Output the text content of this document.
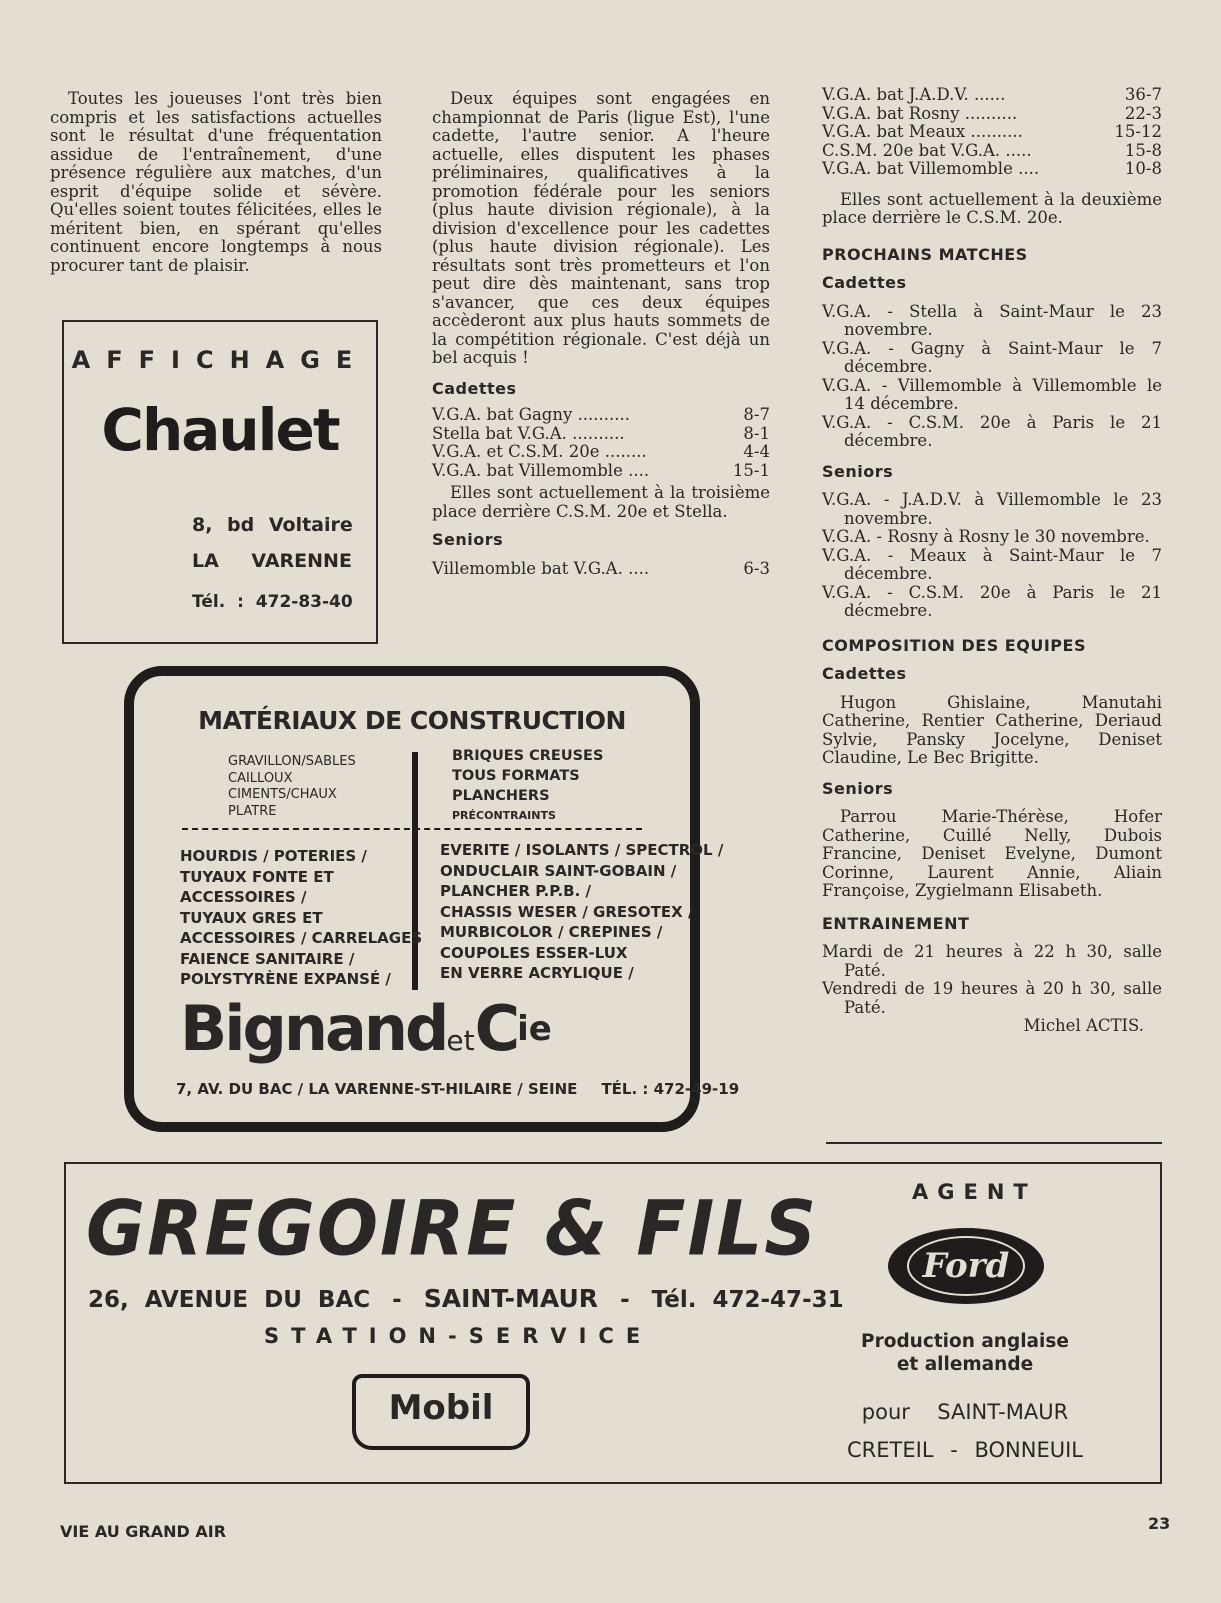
Toutes les joueuses l'ont très bien compris et les satisfactions actuelles sont le résultat d'une fréquentation assidue de l'entraînement, d'une présence régulière aux matches, d'un esprit d'équipe solide et sévère. Qu'elles soient toutes félicitées, elles le méritent bien, en spérant qu'elles continuent encore longtemps à nous procurer tant de plaisir.

AFFICHAGE
Chaulet
8, bd Voltaire
LA VARENNE
Tél. : 472-83-40

Deux équipes sont engagées en championnat de Paris (ligue Est), l'une cadette, l'autre senior. A l'heure actuelle, elles disputent les phases préliminaires, qualificatives à la promotion fédérale pour les seniors (plus haute division régionale), à la division d'excellence pour les cadettes (plus haute division régionale). Les résultats sont très prometteurs et l'on peut dire dès maintenant, sans trop s'avancer, que ces deux équipes accèderont aux plus hauts sommets de la compétition régionale. C'est déjà un bel acquis !

Cadettes

V.G.A. bat Gagny ..........	8-7
Stella bat V.G.A. ..........	8-1
V.G.A. et C.S.M. 20e ........	4-4
V.G.A. bat Villemomble ....	15-1

Elles sont actuellement à la troisième place derrière C.S.M. 20e et Stella.

Seniors

Villemomble bat V.G.A. ....	6-3
V.G.A. bat J.A.D.V. ......	36-7
V.G.A. bat Rosny ..........	22-3
V.G.A. bat Meaux ..........	15-12
C.S.M. 20e bat V.G.A. .....	15-8
V.G.A. bat Villemomble ....	10-8

Elles sont actuellement à la deuxième place derrière le C.S.M. 20e.

PROCHAINS MATCHES

Cadettes

V.G.A. - Stella à Saint-Maur le 23 novembre.

V.G.A. - Gagny à Saint-Maur le 7 décembre.

V.G.A. - Villemomble à Villemomble le 14 décembre.

V.G.A. - C.S.M. 20e à Paris le 21 décembre.

Seniors

V.G.A. - J.A.D.V. à Villemomble le 23 novembre.

V.G.A. - Rosny à Rosny le 30 novembre.

V.G.A. - Meaux à Saint-Maur le 7 décembre.

V.G.A. - C.S.M. 20e à Paris le 21 décmebre.

COMPOSITION DES EQUIPES

Cadettes

Hugon Ghislaine, Manutahi Catherine, Rentier Catherine, Deriaud Sylvie, Pansky Jocelyne, Deniset Claudine, Le Bec Brigitte.

Seniors

Parrou Marie-Thérèse, Hofer Catherine, Cuillé Nelly, Dubois Francine, Deniset Evelyne, Dumont Corinne, Laurent Annie, Aliain Françoise, Zygielmann Elisabeth.

ENTRAINEMENT

Mardi de 21 heures à 22 h 30, salle Paté.

Vendredi de 19 heures à 20 h 30, salle Paté.

Michel ACTIS.

MATÉRIAUX DE CONSTRUCTION
GRAVILLON/SABLES
CAILLOUX
CIMENTS/CHAUX
PLATRE
BRIQUES CREUSES
TOUS FORMATS
PLANCHERS
PRÉCONTRAINTS
HOURDIS / POTERIES /
TUYAUX FONTE ET
ACCESSOIRES /
TUYAUX GRES ET
ACCESSOIRES / CARRELAGES
FAIENCE SANITAIRE /
POLYSTYRÈNE EXPANSÉ /
EVERITE / ISOLANTS / SPECTROL /
ONDUCLAIR SAINT-GOBAIN /
PLANCHER P.P.B. /
CHASSIS WESER / GRESOTEX /
MURBICOLOR / CREPINES /
COUPOLES ESSER-LUX
EN VERRE ACRYLIQUE /
BignandetC$^{ie}$
7, AV. DU BAC / LA VARENNE-ST-HILAIRE / SEINE TÉL. : 472-49-19
GREGOIRE & FILS
26, AVENUE DU BAC - SAINT-MAUR - Tél. 472-47-31
STATION-SERVICE
Mobil
AGENT
Ford
Production anglaise
et allemande
pour SAINT-MAUR
CRETEIL - BONNEUIL
VIE AU GRAND AIR	23
